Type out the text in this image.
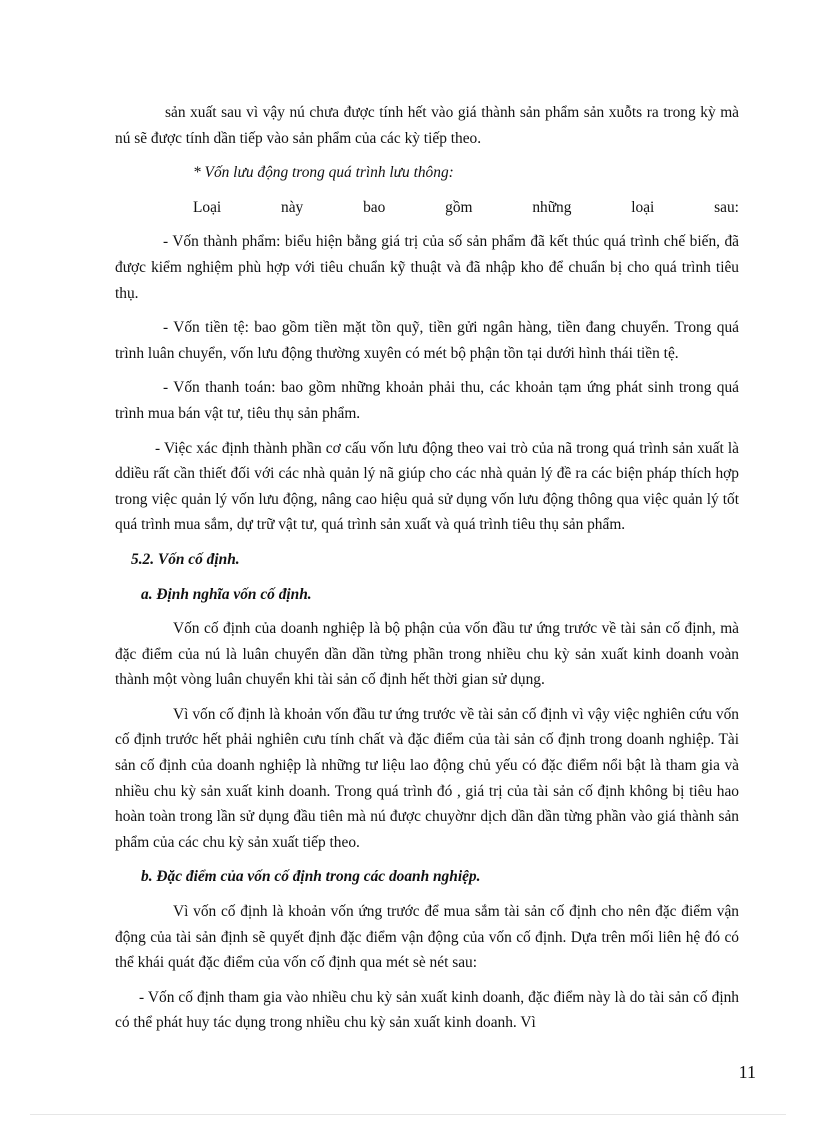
sản xuất sau vì vậy nú chưa được tính hết vào giá thành sản phẩm sản xuỗts ra trong kỳ mà nú sẽ được tính dần tiếp vào sản phẩm của các kỳ tiếp theo.

* Vốn lưu động trong quá trình lưu thông:

Loại	này	bao	gồm	những	loại	sau:

- Vốn thành phẩm: biểu hiện bằng giá trị của số sản phẩm đã kết thúc quá trình chế biến, đã được kiểm nghiệm phù hợp với tiêu chuẩn kỹ thuật và đã nhập kho để chuẩn bị cho quá trình tiêu thụ.

- Vốn tiền tệ: bao gồm tiền mặt tồn quỹ, tiền gửi ngân hàng, tiền đang chuyển. Trong quá trình luân chuyển, vốn lưu động thường xuyên có mét bộ phận tồn tại dưới hình thái tiền tệ.

- Vốn thanh toán: bao gồm những khoản phải thu, các khoản tạm ứng phát sinh trong quá trình mua bán vật tư, tiêu thụ sản phẩm.

- Việc xác định thành phần cơ cấu vốn lưu động theo vai trò của nã trong quá trình sản xuất là ddiều rất cần thiết đối với các nhà quản lý nã giúp cho các nhà quản lý đề ra các biện pháp thích hợp trong việc quản lý vốn lưu động, nâng cao hiệu quả sử dụng vốn lưu động thông qua việc quản lý tốt quá trình mua sắm, dự trữ vật tư, quá trình sản xuất và quá trình tiêu thụ sản phẩm.

5.2. Vốn cố định.

a. Định nghĩa vốn cố định.

Vốn cố định của doanh nghiệp là bộ phận của vốn đầu tư ứng trước về tài sản cố định, mà đặc điểm của nú là luân chuyển dần dần từng phần trong nhiều chu kỳ sản xuất kinh doanh voàn thành một vòng luân chuyển khi tài sản cố định hết thời gian sử dụng.

Vì vốn cố định là khoản vốn đầu tư ứng trước về tài sản cố định vì vậy việc nghiên cứu vốn cố định trước hết phải nghiên cưu tính chất và đặc điểm của tài sản cố định trong doanh nghiệp. Tài sản cố định của doanh nghiệp là những tư liệu lao động chủ yếu có đặc điểm nổi bật là tham gia và nhiều chu kỳ sản xuất kinh doanh. Trong quá trình đó , giá trị của tài sản cố định không bị tiêu hao hoàn toàn trong lần sử dụng đầu tiên mà nú được chuyờnr dịch dần dần từng phần vào giá thành sản phẩm của các chu kỳ sản xuất tiếp theo.

b. Đặc điểm của vốn cố định trong các doanh nghiệp.

Vì vốn cố định là khoản vốn ứng trước để mua sắm tài sản cố định cho nên đặc điểm vận động của tài sản định sẽ quyết định đặc điểm vận động của vốn cố định. Dựa trên mối liên hệ đó có thể khái quát đặc điểm của vốn cố định qua mét sè nét sau:

- Vốn cố định tham gia vào nhiều chu kỳ sản xuất kinh doanh, đặc điểm này là do tài sản cố định có thể phát huy tác dụng trong nhiều chu kỳ sản xuất kinh doanh. Vì

11
